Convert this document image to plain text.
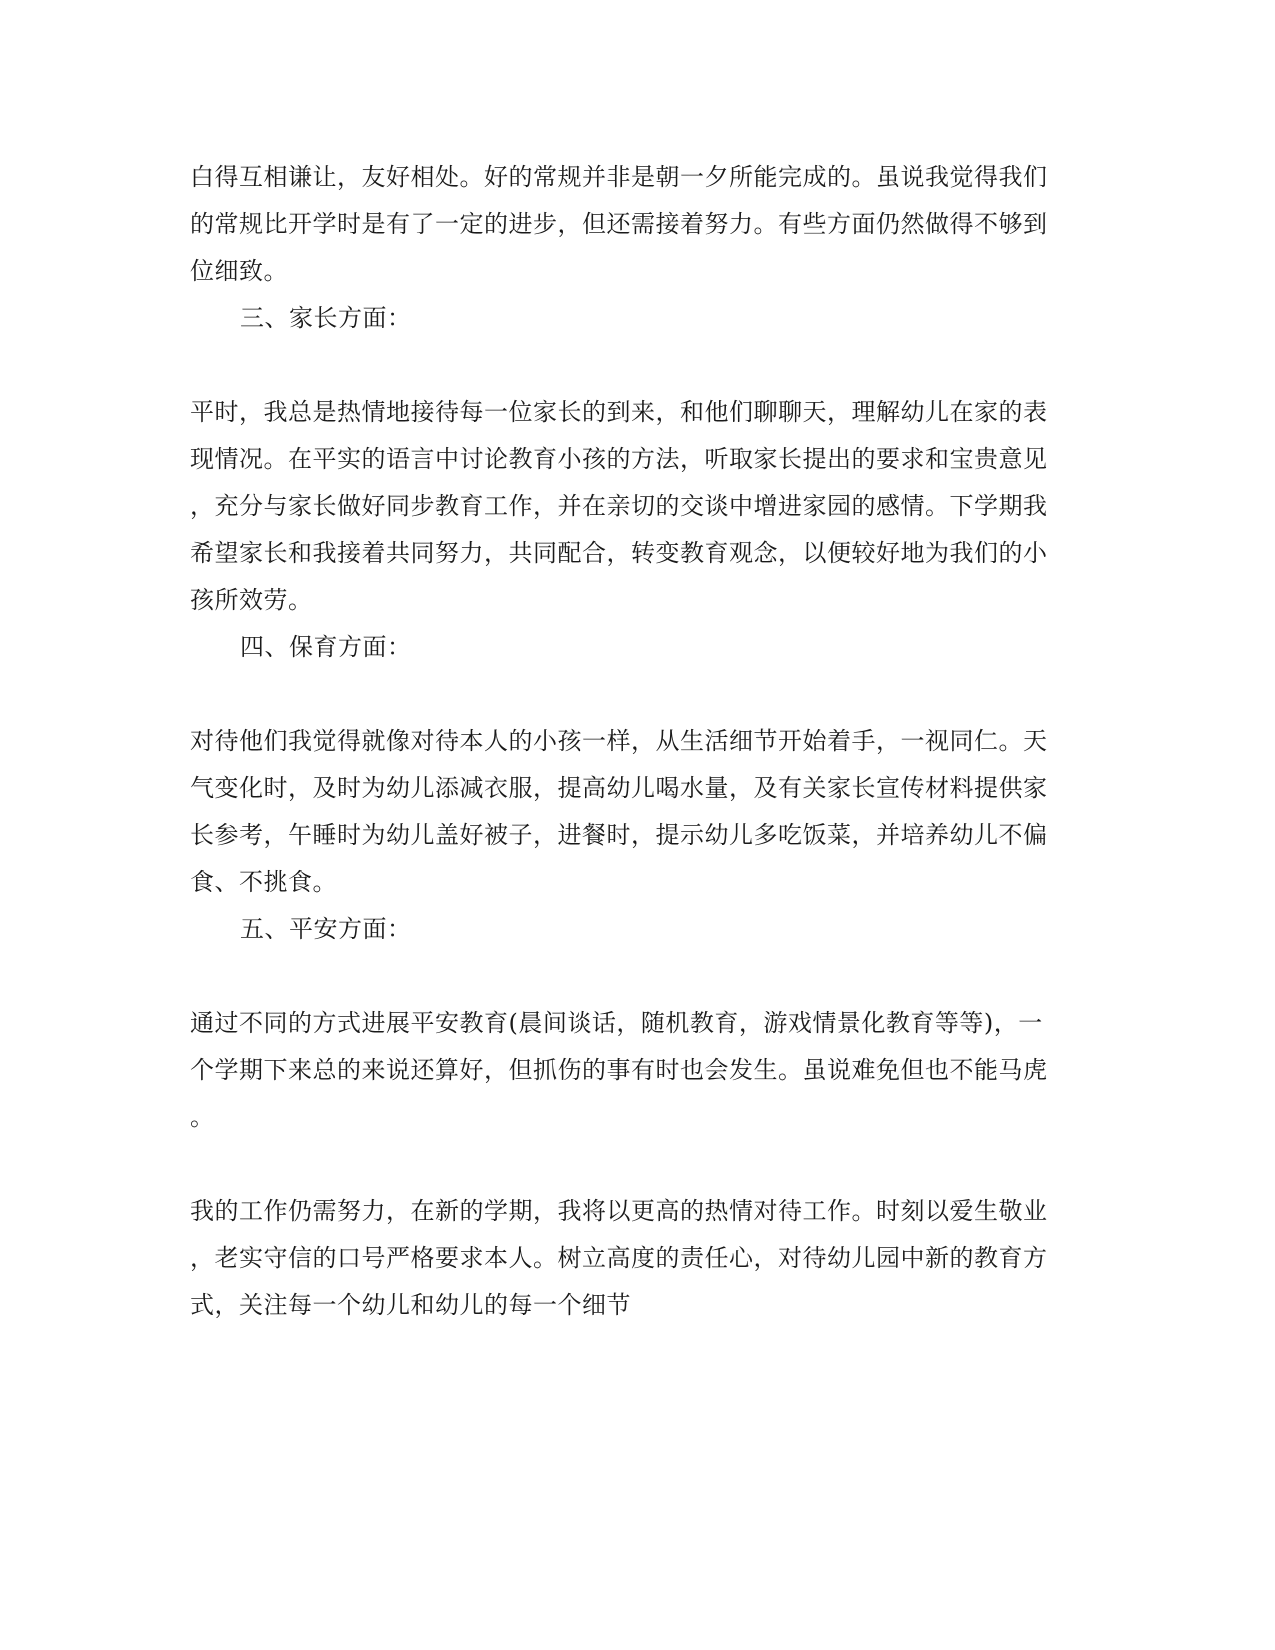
白得互相谦让，友好相处。好的常规并非是朝一夕所能完成的。虽说我觉得我们
的常规比开学时是有了一定的进步，但还需接着努力。有些方面仍然做得不够到
位细致。
三、家长方面：
平时，我总是热情地接待每一位家长的到来，和他们聊聊天，理解幼儿在家的表
现情况。在平实的语言中讨论教育小孩的方法，听取家长提出的要求和宝贵意见
，充分与家长做好同步教育工作，并在亲切的交谈中增进家园的感情。下学期我
希望家长和我接着共同努力，共同配合，转变教育观念，以便较好地为我们的小
孩所效劳。
四、保育方面：
对待他们我觉得就像对待本人的小孩一样，从生活细节开始着手，一视同仁。天
气变化时，及时为幼儿添减衣服，提高幼儿喝水量，及有关家长宣传材料提供家
长参考，午睡时为幼儿盖好被子，进餐时，提示幼儿多吃饭菜，并培养幼儿不偏
食、不挑食。
五、平安方面：
通过不同的方式进展平安教育(晨间谈话，随机教育，游戏情景化教育等等)，一
个学期下来总的来说还算好，但抓伤的事有时也会发生。虽说难免但也不能马虎
。
我的工作仍需努力，在新的学期，我将以更高的热情对待工作。时刻以爱生敬业
，老实守信的口号严格要求本人。树立高度的责任心，对待幼儿园中新的教育方
式，关注每一个幼儿和幼儿的每一个细节
